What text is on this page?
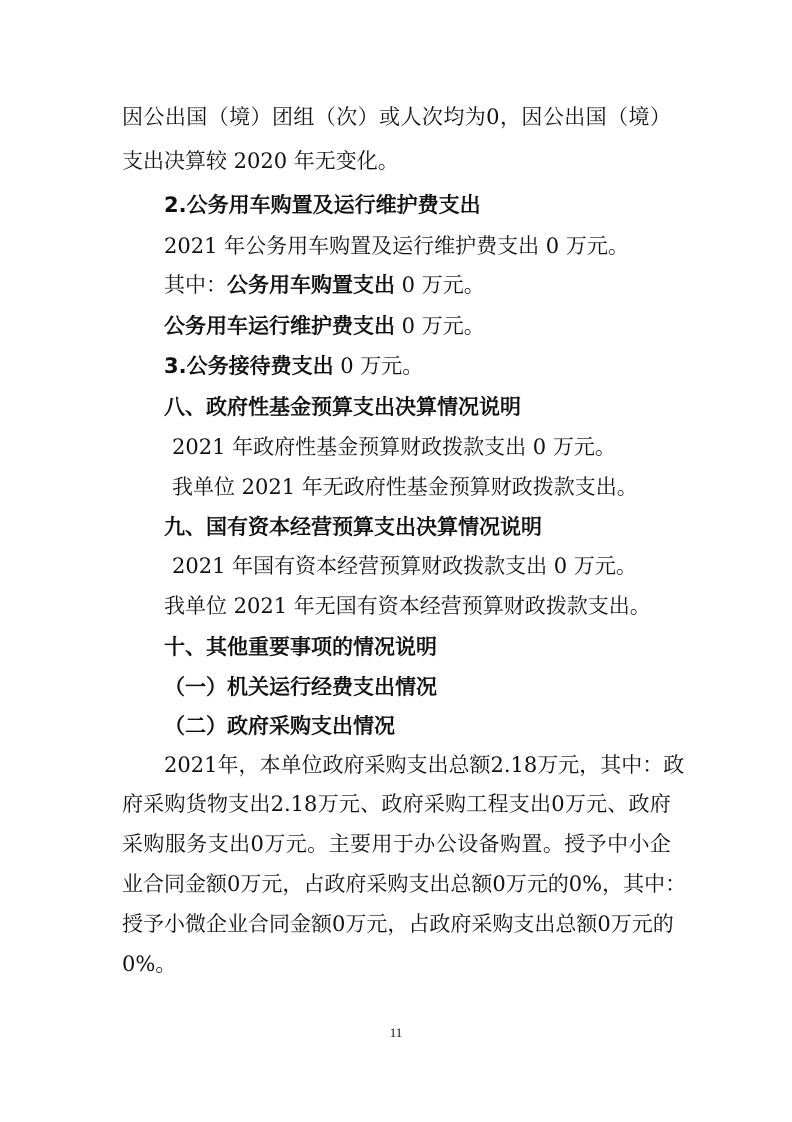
因 公 出 国 （ 境 ） 团 组 （ 次 ） 或 人 次 均 为 0 ， 因 公 出 国 （ 境 ）
支出决算较 2020 年无变化。
2.公务用车购置及运行维护费支出
2021 年公务用车购置及运行维护费支出 0 万元。
其中：公务用车购置支出 0 万元。
公务用车运行维护费支出 0 万元。
3.公务接待费支出 0 万元。
八、政府性基金预算支出决算情况说明
2021 年政府性基金预算财政拨款支出 0 万元。
我单位 2021 年无政府性基金预算财政拨款支出。
九、国有资本经营预算支出决算情况说明
2021 年国有资本经营预算财政拨款支出 0 万元。
我单位 2021 年无国有资本经营预算财政拨款支出。
十、其他重要事项的情况说明
（一）机关运行经费支出情况
（二）政府采购支出情况
2021 年 ， 本 单 位 政 府 采 购 支 出 总 额 2.18 万 元 ， 其 中 ： 政
府 采 购 货 物 支 出 2.18 万 元 、 政 府 采 购 工 程 支 出 0 万 元 、 政 府
采 购 服 务 支 出 0 万 元 。 主 要 用 于 办 公 设 备 购 置 。 授 予 中 小 企
业 合 同 金 额 0 万 元 ， 占 政 府 采 购 支 出 总 额 0 万 元 的 0% ， 其 中 ：
授 予 小 微 企 业 合 同 金 额 0 万 元 ， 占 政 府 采 购 支 出 总 额 0 万 元 的
0%。
11
